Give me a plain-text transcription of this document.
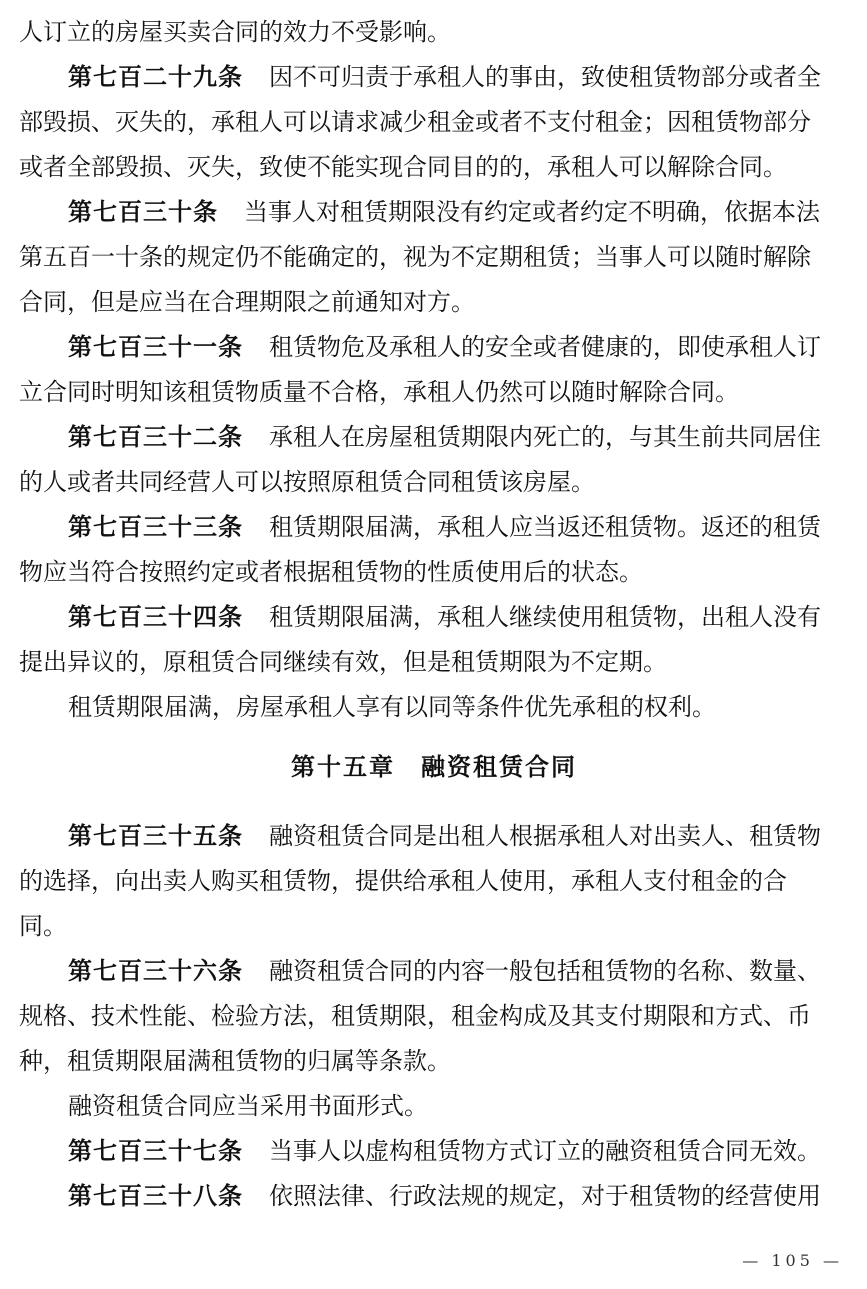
人订立的房屋买卖合同的效力不受影响。
第七百二十九条 因不可归责于承租人的事由，致使租赁物部分或者全
部毁损、灭失的，承租人可以请求减少租金或者不支付租金；因租赁物部分
或者全部毁损、灭失，致使不能实现合同目的的，承租人可以解除合同。
第七百三十条 当事人对租赁期限没有约定或者约定不明确，依据本法
第五百一十条的规定仍不能确定的，视为不定期租赁；当事人可以随时解除
合同，但是应当在合理期限之前通知对方。
第七百三十一条 租赁物危及承租人的安全或者健康的，即使承租人订
立合同时明知该租赁物质量不合格，承租人仍然可以随时解除合同。
第七百三十二条 承租人在房屋租赁期限内死亡的，与其生前共同居住
的人或者共同经营人可以按照原租赁合同租赁该房屋。
第七百三十三条 租赁期限届满，承租人应当返还租赁物。返还的租赁
物应当符合按照约定或者根据租赁物的性质使用后的状态。
第七百三十四条 租赁期限届满，承租人继续使用租赁物，出租人没有
提出异议的，原租赁合同继续有效，但是租赁期限为不定期。
租赁期限届满，房屋承租人享有以同等条件优先承租的权利。
第十五章 融资租赁合同
第七百三十五条 融资租赁合同是出租人根据承租人对出卖人、租赁物
的选择，向出卖人购买租赁物，提供给承租人使用，承租人支付租金的合
同。
第七百三十六条 融资租赁合同的内容一般包括租赁物的名称、数量、
规格、技术性能、检验方法，租赁期限，租金构成及其支付期限和方式、币
种，租赁期限届满租赁物的归属等条款。
融资租赁合同应当采用书面形式。
第七百三十七条 当事人以虚构租赁物方式订立的融资租赁合同无效。
第七百三十八条 依照法律、行政法规的规定，对于租赁物的经营使用
— 105 —
